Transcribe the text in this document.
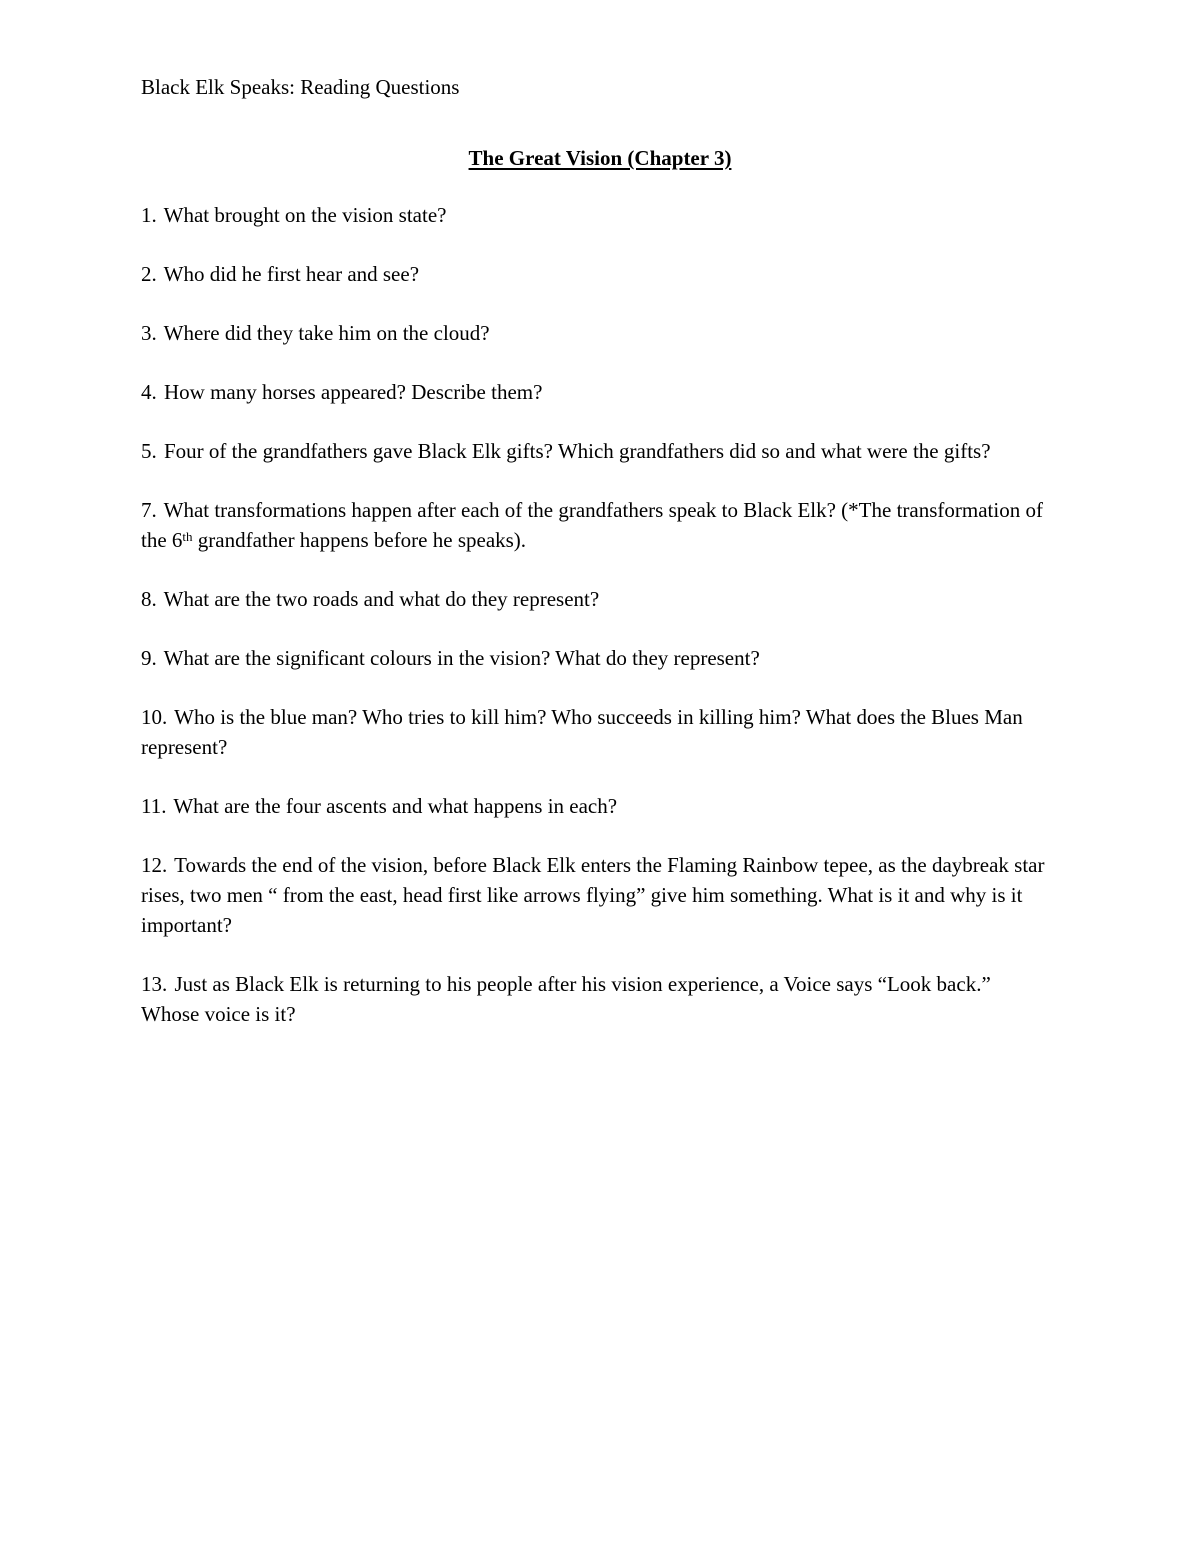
Black Elk Speaks: Reading Questions

The Great Vision (Chapter 3)
1. What brought on the vision state?
2. Who did he first hear and see?
3. Where did they take him on the cloud?
4. How many horses appeared? Describe them?
5. Four of the grandfathers gave Black Elk gifts? Which grandfathers did so and what were the gifts?
7. What transformations happen after each of the grandfathers speak to Black Elk? (*The transformation of the 6th grandfather happens before he speaks).
8. What are the two roads and what do they represent?
9. What are the significant colours in the vision? What do they represent?
10. Who is the blue man? Who tries to kill him? Who succeeds in killing him? What does the Blues Man represent?
11. What are the four ascents and what happens in each?
12. Towards the end of the vision, before Black Elk enters the Flaming Rainbow tepee, as the daybreak star rises, two men “ from the east, head first like arrows flying” give him something. What is it and why is it important?
13. Just as Black Elk is returning to his people after his vision experience, a Voice says “Look back.” Whose voice is it?
